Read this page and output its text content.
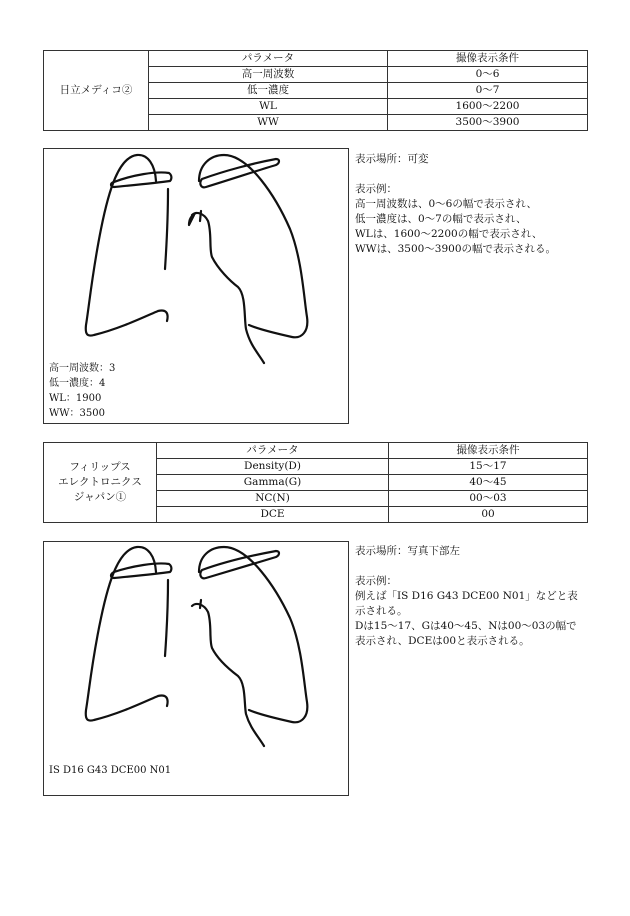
日立メディコ②	パラメータ	撮像表示条件
	高一周波数	0〜6
	低一濃度	0〜7
	WL	1600〜2200
	WW	3500〜3900
高一周波数：3
低一濃度：4
WL：1900
WW：3500
表示場所：可変
表示例：
高一周波数は、0〜6の幅で表示され、
低一濃度は、0〜7の幅で表示され、
WLは、1600〜2200の幅で表示され、
WWは、3500〜3900の幅で表示される。
フィリップス
エレクトロニクス
ジャパン①	パラメータ	撮像表示条件
	Density(D)	15〜17
	Gamma(G)	40〜45
	NC(N)	00〜03
	DCE	00
IS D16 G43 DCE00 N01
表示場所：写真下部左
表示例：
例えば「IS D16 G43 DCE00 N01」などと表
示される。
Dは15〜17、Gは40〜45、Nは00〜03の幅で
表示され、DCEは00と表示される。
